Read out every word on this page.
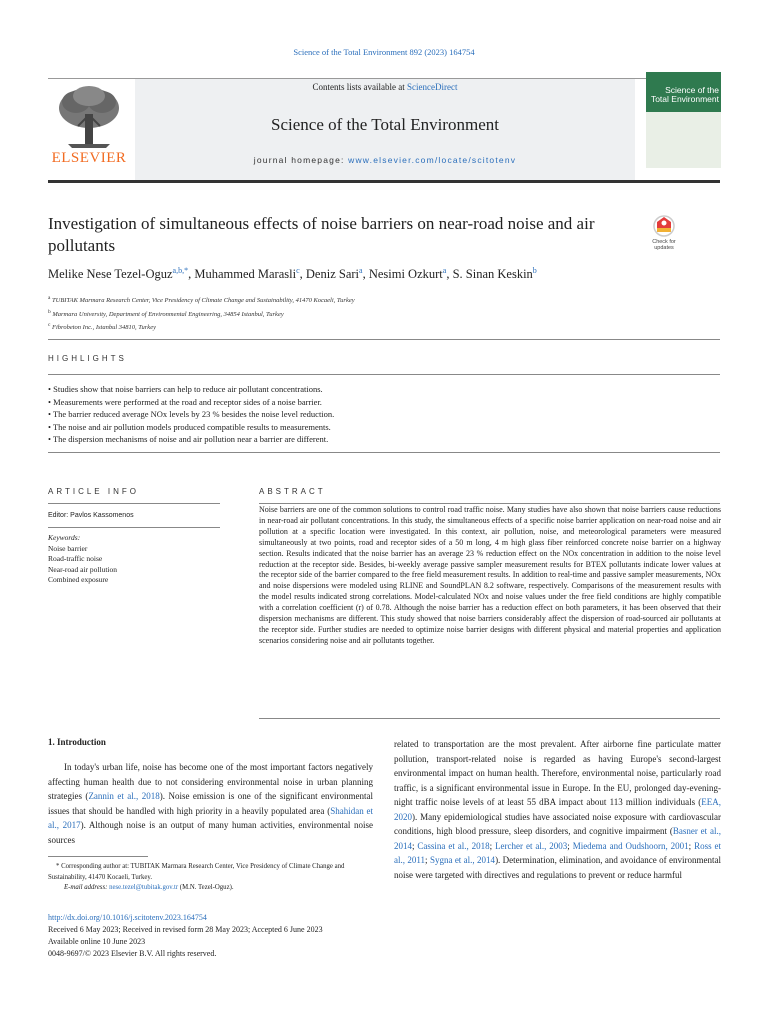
Science of the Total Environment 892 (2023) 164754
Contents lists available at ScienceDirect
Science of the Total Environment
journal homepage: www.elsevier.com/locate/scitotenv
ELSEVIER
Science of the
Total Environment
Investigation of simultaneous effects of noise barriers on near-road noise and air pollutants	Check for
updates
Melike Nese Tezel-Oguz$^{a,b,*}$, Muhammed Marasli$^c$, Deniz Sari$^a$, Nesimi Ozkurt$^a$, S. Sinan Keskin$^b$
$^a$ TUBITAK Marmara Research Center, Vice Presidency of Climate Change and Sustainability, 41470 Kocaeli, Turkey
$^b$ Marmara University, Department of Environmental Engineering, 34854 Istanbul, Turkey
$^c$ Fibrobeton Inc., Istanbul 34810, Turkey
HIGHLIGHTS
• Studies show that noise barriers can help to reduce air pollutant concentrations.
• Measurements were performed at the road and receptor sides of a noise barrier.
• The barrier reduced average NOx levels by 23 % besides the noise level reduction.
• The noise and air pollution models produced compatible results to measurements.
• The dispersion mechanisms of noise and air pollution near a barrier are different.
ARTICLE INFO
Editor: Pavlos Kassomenos
Keywords:
Noise barrier
Road-traffic noise
Near-road air pollution
Combined exposure
ABSTRACT
Noise barriers are one of the common solutions to control road traffic noise. Many studies have also shown that noise barriers cause reductions in near-road air pollutant concentrations. In this study, the simultaneous effects of a specific noise barrier application on near-road noise and air pollution at a specific location were investigated. In this context, air pollution, noise, and meteorological parameters were measured simultaneously at two points, road and receptor sides of a 50 m long, 4 m high glass fiber reinforced concrete noise barrier on a highway section. Results indicated that the noise barrier has an average 23 % reduction effect on the NOx concentration in addition to the noise level reduction at the receptor side. Besides, bi-weekly average passive sampler measurement results for BTEX pollutants indicate lower values at the receptor side of the barrier compared to the free field measurement results. In addition to real-time and passive sampler measurements, NOx and noise dispersions were modeled using RLINE and SoundPLAN 8.2 software, respectively. Comparisons of the measurement results with the model results indicated strong correlations. Model-calculated NOx and noise values under the free field conditions are highly compatible with a correlation coefficient (r) of 0.78. Although the noise barrier has a reduction effect on both parameters, it has been observed that their dispersion mechanisms are different. This study showed that noise barriers considerably affect the dispersion of road-sourced air pollutants at the receptor side. Further studies are needed to optimize noise barrier designs with different physical and material properties and application scenarios considering noise and air pollutants together.
1. Introduction
In today's urban life, noise has become one of the most important factors negatively affecting human health due to not considering environmental noise in urban planning strategies (Zannin et al., 2018). Noise emission is one of the significant environmental issues that should be handled with high priority in a heavily populated area (Shahidan et al., 2017). Although noise is an output of many human activities, environmental noise sources
related to transportation are the most prevalent. After airborne fine particulate matter pollution, transport-related noise is regarded as having Europe's second-largest environmental impact on human health. Therefore, environmental noise, particularly road traffic, is a significant environmental issue in Europe. In the EU, prolonged day-evening-night traffic noise levels of at least 55 dBA impact about 113 million individuals (EEA, 2020). Many epidemiological studies have associated noise exposure with cardiovascular conditions, high blood pressure, sleep disorders, and cognitive impairment (Basner et al., 2014; Cassina et al., 2018; Lercher et al., 2003; Miedema and Oudshoorn, 2001; Ross et al., 2011; Sygna et al., 2014). Determination, elimination, and avoidance of environmental noise were targeted with directives and regulations to prevent or reduce harmful
* Corresponding author at: TUBITAK Marmara Research Center, Vice Presidency of Climate Change and Sustainability, 41470 Kocaeli, Turkey.
E-mail address: nese.tezel@tubitak.gov.tr (M.N. Tezel-Oguz).
http://dx.doi.org/10.1016/j.scitotenv.2023.164754
Received 6 May 2023; Received in revised form 28 May 2023; Accepted 6 June 2023
Available online 10 June 2023
0048-9697/© 2023 Elsevier B.V. All rights reserved.
